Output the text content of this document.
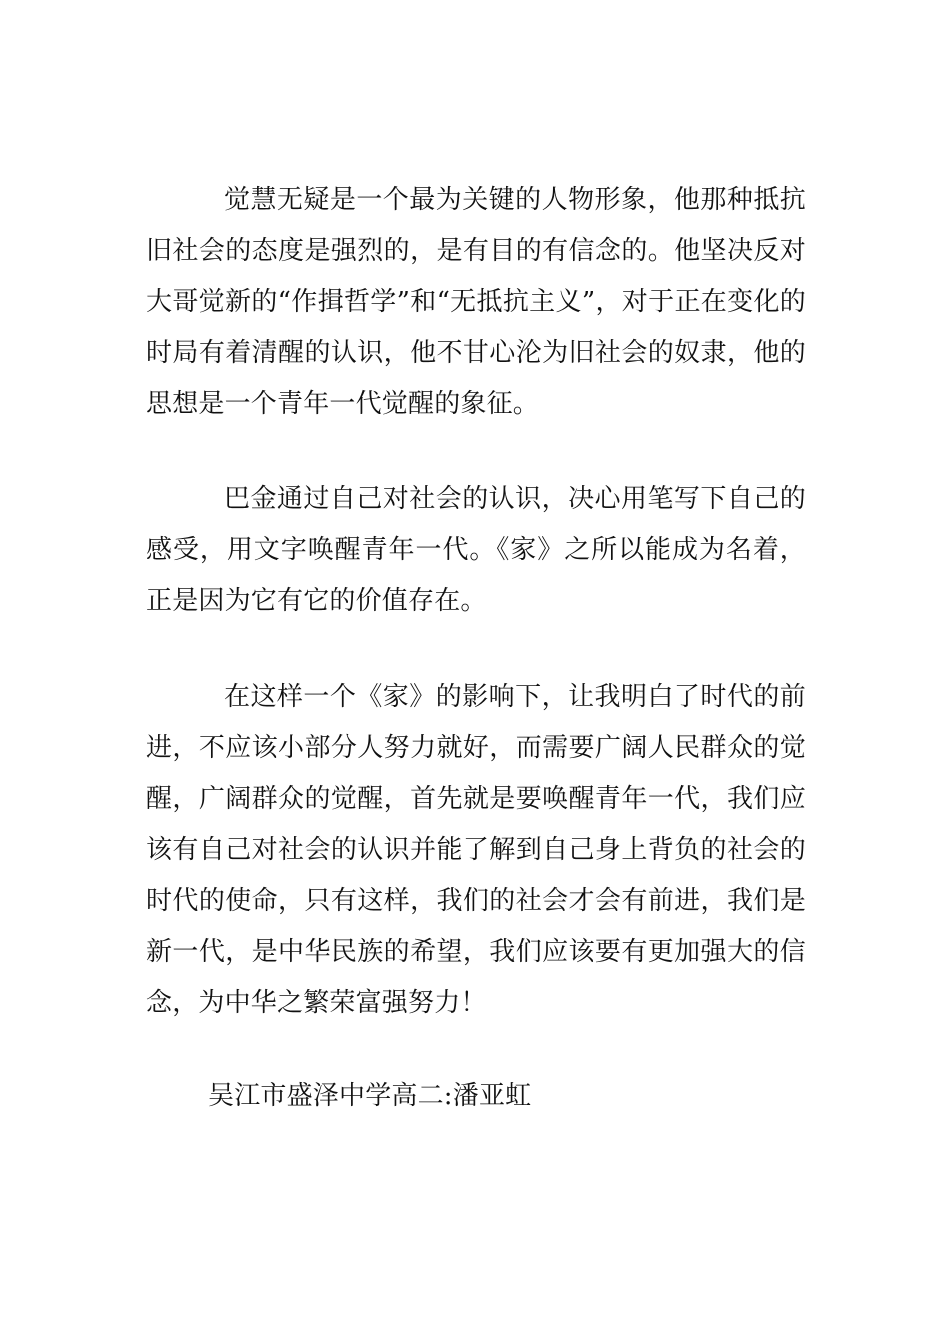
觉慧无疑是一个最为关键的人物形象，他那种抵抗旧社会的态度是强烈的，是有目的有信念的。他坚决反对大哥觉新的“作揖哲学”和“无抵抗主义”，对于正在变化的时局有着清醒的认识，他不甘心沦为旧社会的奴隶，他的思想是一个青年一代觉醒的象征。

巴金通过自己对社会的认识，决心用笔写下自己的感受，用文字唤醒青年一代。《家》之所以能成为名着，正是因为它有它的价值存在。

在这样一个《家》的影响下，让我明白了时代的前进，不应该小部分人努力就好，而需要广阔人民群众的觉醒，广阔群众的觉醒，首先就是要唤醒青年一代，我们应该有自己对社会的认识并能了解到自己身上背负的社会的时代的使命，只有这样，我们的社会才会有前进，我们是新一代，是中华民族的希望，我们应该要有更加强大的信念，为中华之繁荣富强努力！

吴江市盛泽中学高二:潘亚虹
